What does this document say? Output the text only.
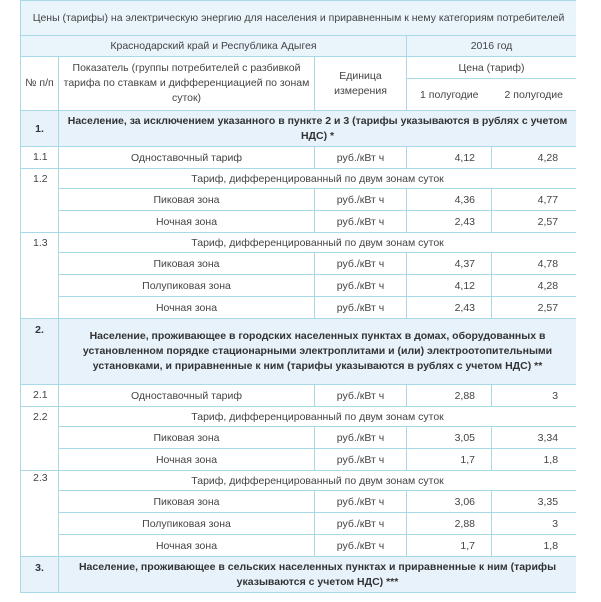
Цены (тарифы) на электрическую энергию для населения и приравненным к нему категориям потребителей				
Краснодарский край и Республика Адыгея			2016 год	
№ п/п	Показатель (группы потребителей с разбивкой тарифа по ставкам и дифференциацией по зонам суток)	Единица измерения	Цена (тариф)	
			1 полугодие	2 полугодие
1.	Население, за исключением указанного в пункте 2 и 3 (тарифы указываются в рублях с учетом НДС) *			
1.1	Одноставочный тариф	руб./кВт ч	4,12	4,28
1.2	Тариф, дифференцированный по двум зонам суток			
	Пиковая зона	руб./кВт ч	4,36	4,77
	Ночная зона	руб./кВт ч	2,43	2,57
1.3	Тариф, дифференцированный по двум зонам суток			
	Пиковая зона	руб./кВт ч	4,37	4,78
	Полупиковая зона	руб./кВт ч	4,12	4,28
	Ночная зона	руб./кВт ч	2,43	2,57
2.	Население, проживающее в городских населенных пунктах в домах, оборудованных в установленном порядке стационарными электроплитами и (или) электроотопительными установками, и приравненные к ним (тарифы указываются в рублях с учетом НДС) **			
2.1	Одноставочный тариф	руб./кВт ч	2,88	3
2.2	Тариф, дифференцированный по двум зонам суток			
	Пиковая зона	руб./кВт ч	3,05	3,34
	Ночная зона	руб./кВт ч	1,7	1,8
2.3	Тариф, дифференцированный по двум зонам суток			
	Пиковая зона	руб./кВт ч	3,06	3,35
	Полупиковая зона	руб./кВт ч	2,88	3
	Ночная зона	руб./кВт ч	1,7	1,8
3.	Население, проживающее в сельских населенных пунктах и приравненные к ним (тарифы указываются с учетом НДС) ***			
